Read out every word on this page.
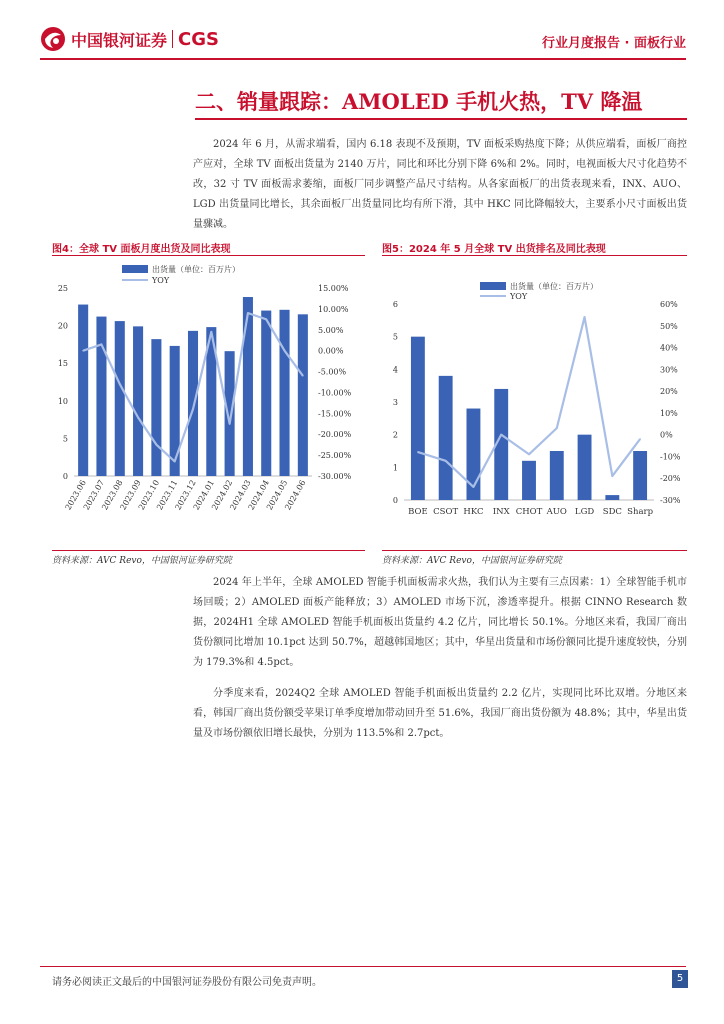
中国银河证券 CGS	行业月度报告 · 面板行业
二、销量跟踪：AMOLED 手机火热，TV 降温

2024 年 6 月，从需求端看，国内 6.18 表现不及预期，TV 面板采购热度下降；从供应端看，面板厂商控产应对，全球 TV 面板出货量为 2140 万片，同比和环比分别下降 6%和 2%。同时，电视面板大尺寸化趋势不改，32 寸 TV 面板需求萎缩，面板厂同步调整产品尺寸结构。从各家面板厂的出货表现来看，INX、AUO、LGD 出货量同比增长，其余面板厂出货量同比均有所下滑，其中 HKC 同比降幅较大，主要系小尺寸面板出货量骤减。

图4：全球 TV 面板月度出货及同比表现
0
5
10
15
20
25
-30.00%
-25.00%
-20.00%
-15.00%
-10.00%
-5.00%
0.00%
5.00%
10.00%
15.00%
2023.06
2023.07
2023.08
2023.09
2023.10
2023.11
2023.12
2024.01
2024.02
2024.03
2024.04
2024.05
2024.06
出货量（单位：百万片）
YOY
资料来源：AVC Revo，中国银河证券研究院
图5：2024 年 5 月全球 TV 出货排名及同比表现
0
1
2
3
4
5
6
-30%
-20%
-10%
0%
10%
20%
30%
40%
50%
60%
BOE CSOT HKC INX CHOT AUO LGD SDC Sharp
出货量（单位：百万片）
YOY
资料来源：AVC Revo，中国银河证券研究院

2024 年上半年，全球 AMOLED 智能手机面板需求火热，我们认为主要有三点因素：1）全球智能手机市场回暖；2）AMOLED 面板产能释放；3）AMOLED 市场下沉，渗透率提升。根据 CINNO Research 数据，2024H1 全球 AMOLED 智能手机面板出货量约 4.2 亿片，同比增长 50.1%。分地区来看，我国厂商出货份额同比增加 10.1pct 达到 50.7%，超越韩国地区；其中，华星出货量和市场份额同比提升速度较快，分别为 179.3%和 4.5pct。

分季度来看，2024Q2 全球 AMOLED 智能手机面板出货量约 2.2 亿片，实现同比环比双增。分地区来看，韩国厂商出货份额受苹果订单季度增加带动回升至 51.6%，我国厂商出货份额为 48.8%；其中，华星出货量及市场份额依旧增长最快，分别为 113.5%和 2.7pct。

请务必阅读正文最后的中国银河证券股份有限公司免责声明。	5
